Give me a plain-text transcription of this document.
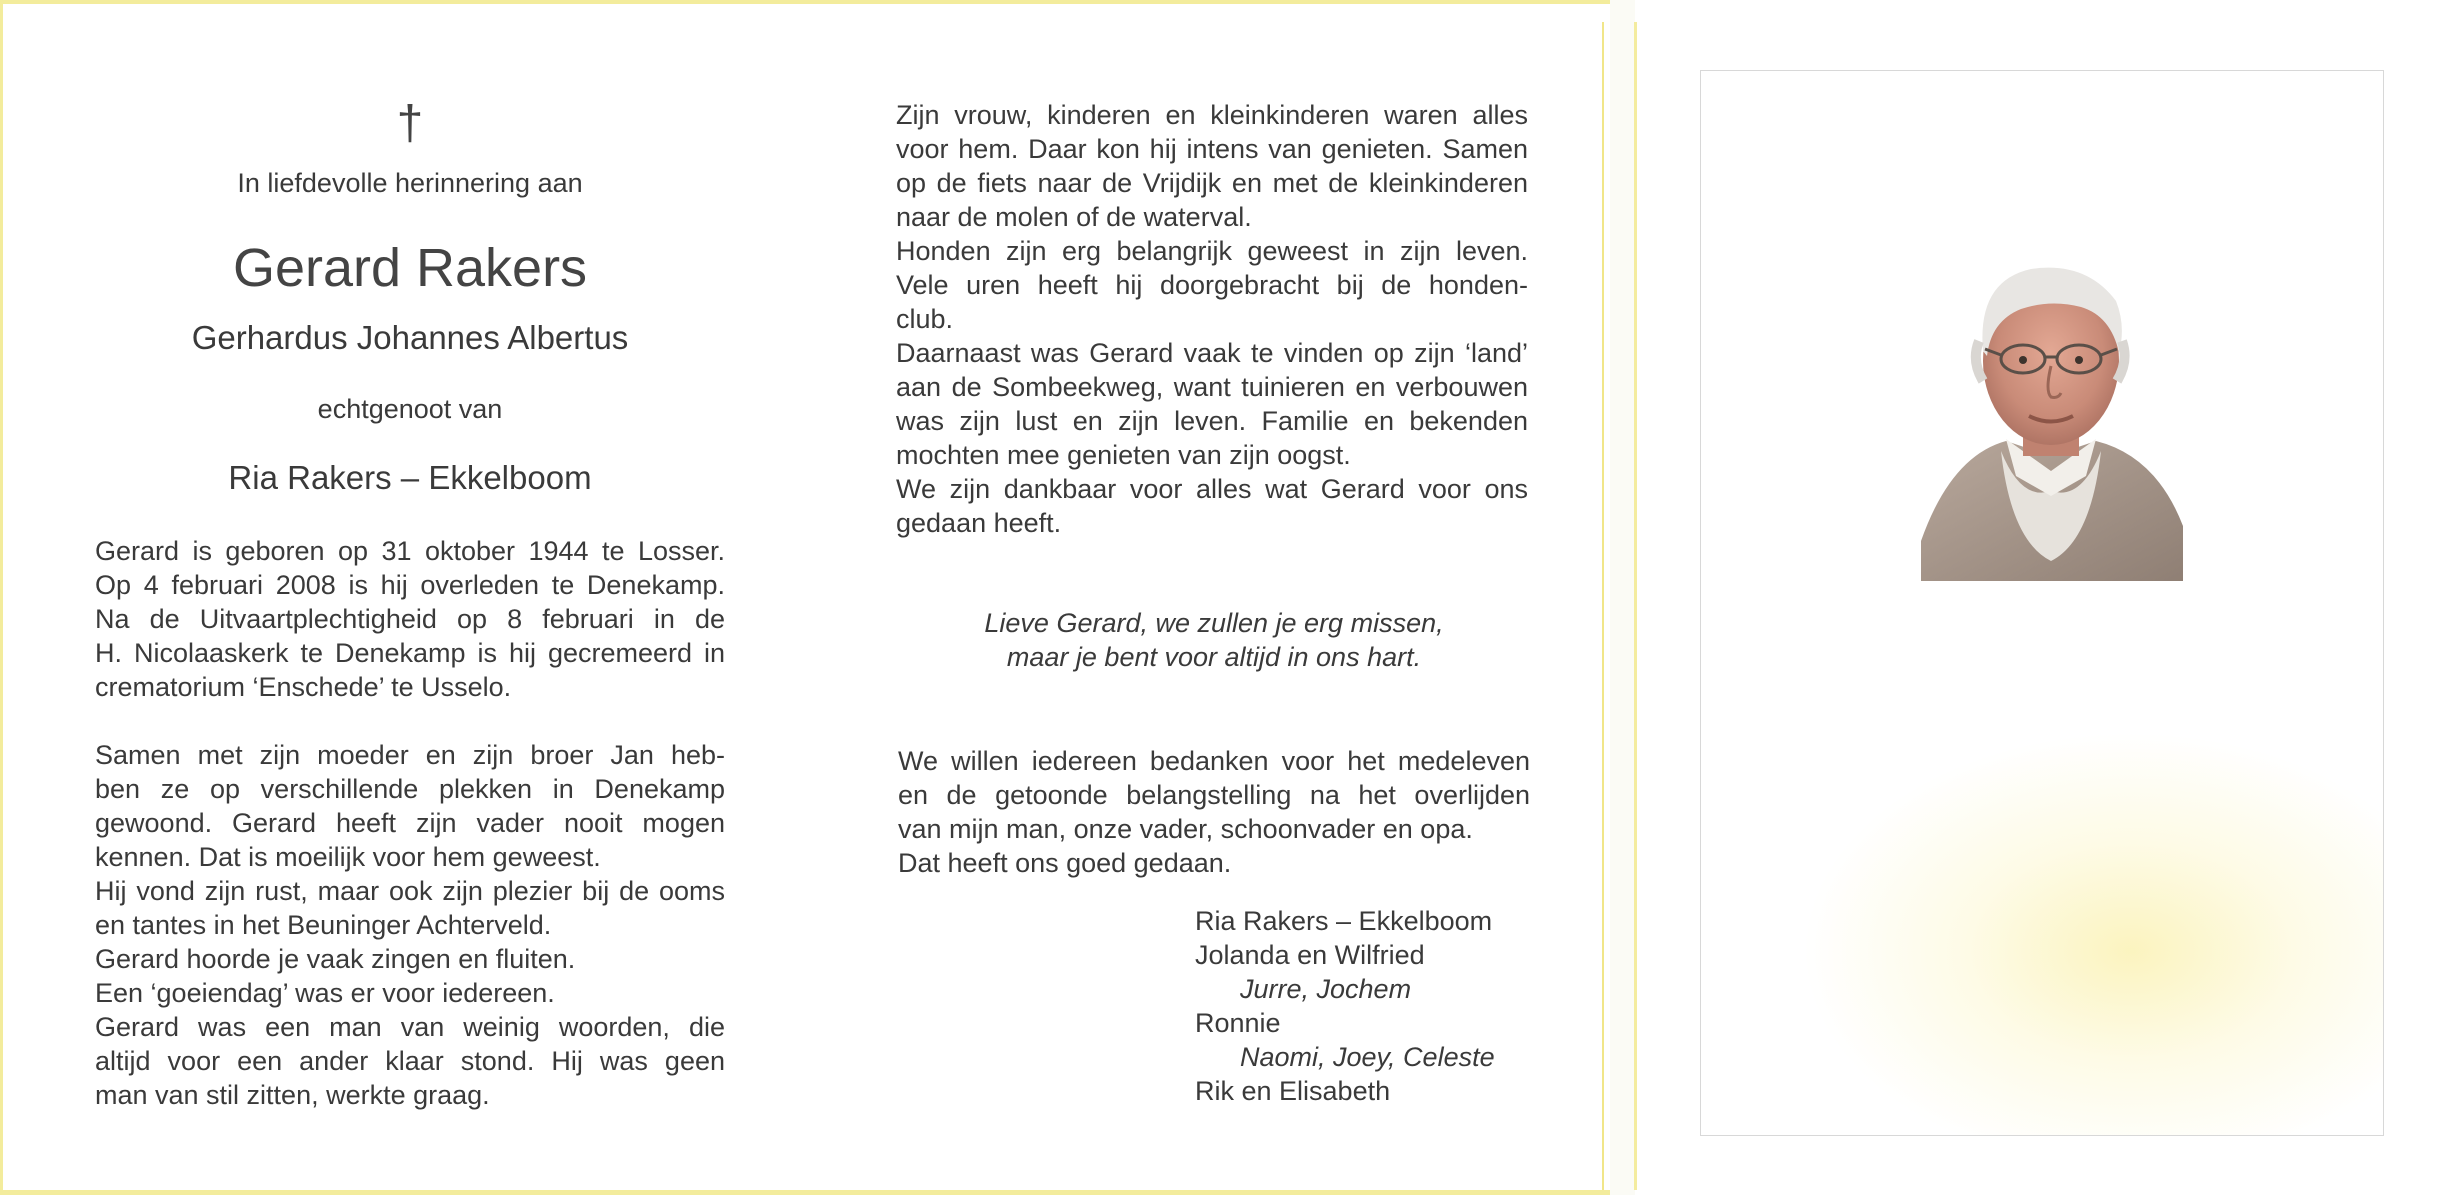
†
In liefdevolle herinnering aan
Gerard Rakers
Gerhardus Johannes Albertus
echtgenoot van
Ria Rakers – Ekkelboom
Gerard is geboren op 31 oktober 1944 te Losser.
Op 4 februari 2008 is hij overleden te Denekamp.
Na de Uitvaartplechtigheid op 8 februari in de
H. Nicolaaskerk te Denekamp is hij gecremeerd in
crematorium ‘Enschede’ te Usselo.
Samen met zijn moeder en zijn broer Jan heb-
ben ze op verschillende plekken in Denekamp
gewoond. Gerard heeft zijn vader nooit mogen
kennen. Dat is moeilijk voor hem geweest.
Hij vond zijn rust, maar ook zijn plezier bij de ooms
en tantes in het Beuninger Achterveld.
Gerard hoorde je vaak zingen en fluiten.
Een ‘goeiendag’ was er voor iedereen.
Gerard was een man van weinig woorden, die
altijd voor een ander klaar stond. Hij was geen
man van stil zitten, werkte graag.
Zijn vrouw, kinderen en kleinkinderen waren alles
voor hem. Daar kon hij intens van genieten. Samen
op de fiets naar de Vrijdijk en met de kleinkinderen
naar de molen of de waterval.
Honden zijn erg belangrijk geweest in zijn leven.
Vele uren heeft hij doorgebracht bij de honden-
club.
Daarnaast was Gerard vaak te vinden op zijn ‘land’
aan de Sombeekweg, want tuinieren en verbouwen
was zijn lust en zijn leven. Familie en bekenden
mochten mee genieten van zijn oogst.
We zijn dankbaar voor alles wat Gerard voor ons
gedaan heeft.
Lieve Gerard, we zullen je erg missen,
maar je bent voor altijd in ons hart.
We willen iedereen bedanken voor het medeleven
en de getoonde belangstelling na het overlijden
van mijn man, onze vader, schoonvader en opa.
Dat heeft ons goed gedaan.
Ria Rakers – Ekkelboom
Jolanda en Wilfried
Jurre, Jochem
Ronnie
Naomi, Joey, Celeste
Rik en Elisabeth
